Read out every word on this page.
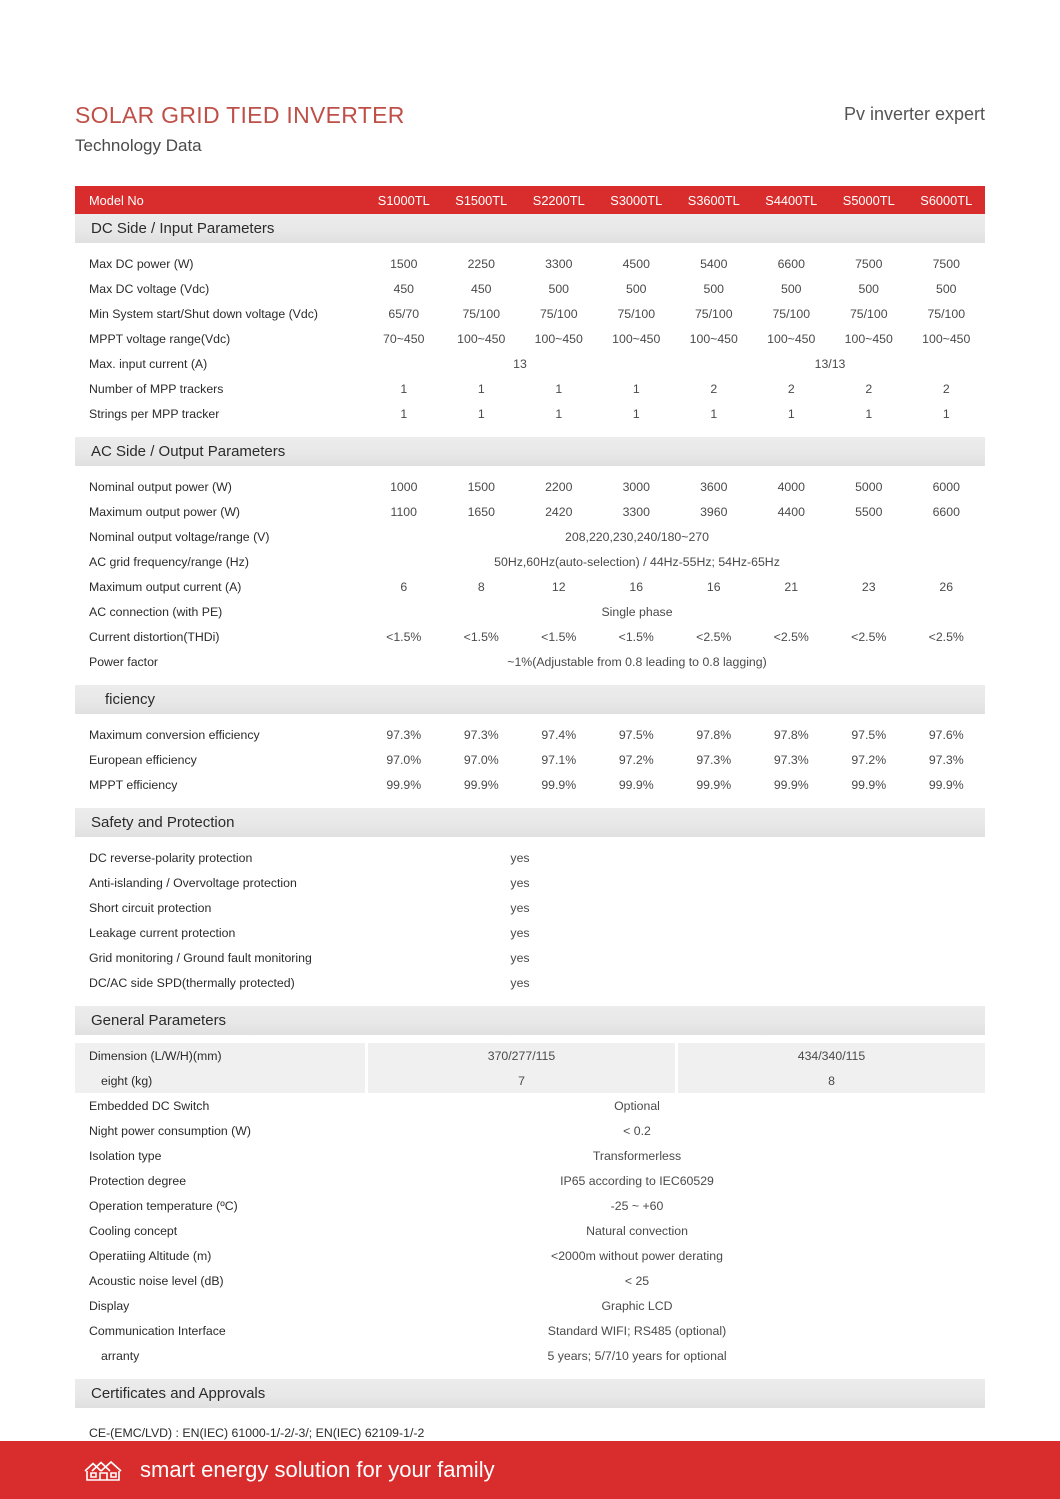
SOLAR GRID TIED INVERTER
Technology Data
Pv inverter expert
Model No	S1000TL	S1500TL	S2200TL	S3000TL	S3600TL	S4400TL	S5000TL	S6000TL
DC Side / Input Parameters
Max DC power (W)	1500	2250	3300	4500	5400	6600	7500	7500
Max DC voltage (Vdc)	450	450	500	500	500	500	500	500
Min System start/Shut down voltage (Vdc)	65/70	75/100	75/100	75/100	75/100	75/100	75/100	75/100
MPPT voltage range(Vdc)	70~450	100~450	100~450	100~450	100~450	100~450	100~450	100~450
Max. input current (A)	13	13/13
Number of MPP trackers	1	1	1	1	2	2	2	2
Strings per MPP tracker	1	1	1	1	1	1	1	1
AC Side / Output Parameters
Nominal output power (W)	1000	1500	2200	3000	3600	4000	5000	6000
Maximum output power (W)	1100	1650	2420	3300	3960	4400	5500	6600
Nominal output voltage/range (V)	208,220,230,240/180~270
AC grid frequency/range (Hz)	50Hz,60Hz(auto-selection) / 44Hz-55Hz; 54Hz-65Hz
Maximum output current (A)	6	8	12	16	16	21	23	26
AC connection (with PE)	Single phase
Current distortion(THDi)	<1.5%	<1.5%	<1.5%	<1.5%	<2.5%	<2.5%	<2.5%	<2.5%
Power factor	~1%(Adjustable from 0.8 leading to 0.8 lagging)
ficiency
Maximum conversion efficiency	97.3%	97.3%	97.4%	97.5%	97.8%	97.8%	97.5%	97.6%
European efficiency	97.0%	97.0%	97.1%	97.2%	97.3%	97.3%	97.2%	97.3%
MPPT efficiency	99.9%	99.9%	99.9%	99.9%	99.9%	99.9%	99.9%	99.9%
Safety and Protection
DC reverse-polarity protection	yes
Anti-islanding / Overvoltage protection	yes
Short circuit protection	yes
Leakage current protection	yes
Grid monitoring / Ground fault monitoring	yes
DC/AC side SPD(thermally protected)	yes
General Parameters
Dimension (L/W/H)(mm)	370/277/115	434/340/115
eight (kg)	7	8
Embedded DC Switch	Optional
Night power consumption (W)	< 0.2
Isolation type	Transformerless
Protection degree	IP65 according to IEC60529
Operation temperature (ºC)	-25 ~ +60
Cooling concept	Natural convection
Operatiing Altitude (m)	<2000m without power derating
Acoustic noise level (dB)	< 25
Display	Graphic LCD
Communication Interface	Standard WIFI; RS485 (optional)
arranty	5 years; 5/7/10 years for optional
Certificates and Approvals
CE-(EMC/LVD) : EN(IEC) 61000-1/-2/-3/; EN(IEC) 62109-1/-2
smart energy solution for your family
